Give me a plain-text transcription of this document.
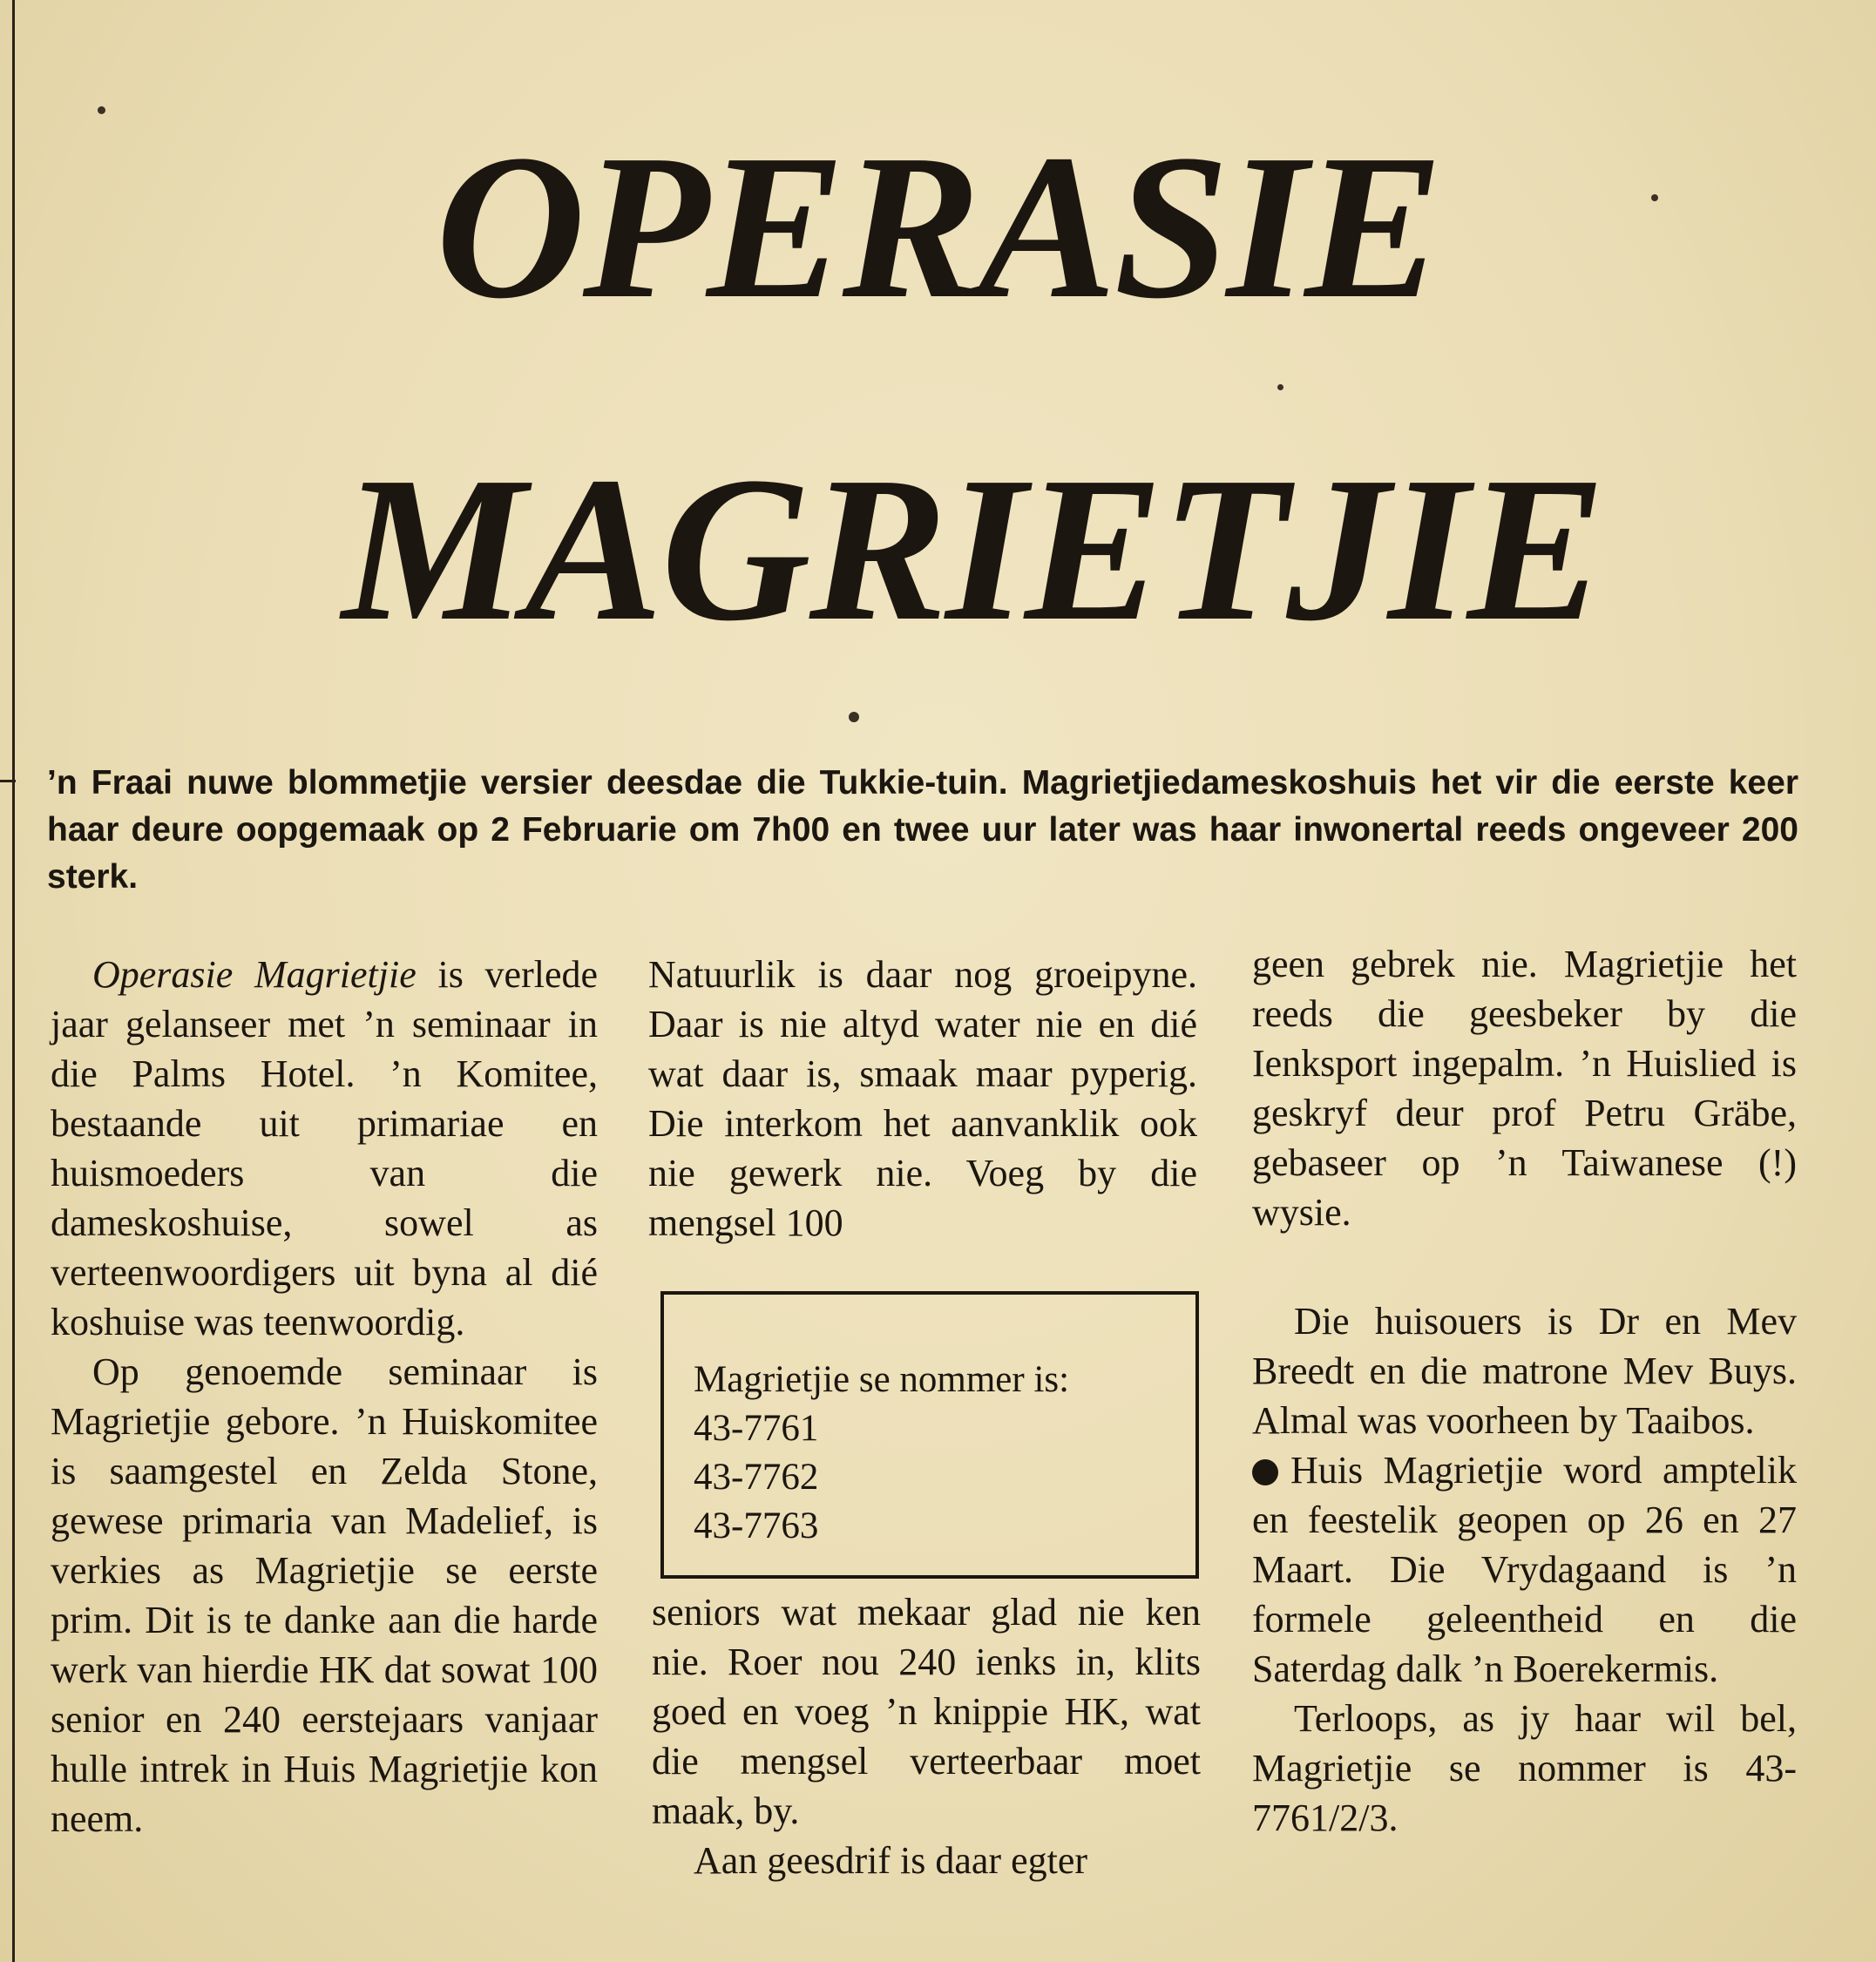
OPERASIE
MAGRIETJIE

’n Fraai nuwe blommetjie versier deesdae die Tukkie-tuin. Magrietjiedameskoshuis het vir die eerste keer haar deure oopgemaak op 2 Februarie om 7h00 en twee uur later was haar inwonertal reeds ongeveer 200 sterk.

Operasie Magrietjie is verlede jaar gelanseer met ’n seminaar in die Palms Hotel. ’n Komitee, bestaande uit primariae en huismoeders van die dameskoshuise, sowel as verteenwoordigers uit byna al dié koshuise was teenwoordig.

Op genoemde seminaar is Magrietjie gebore. ’n Huiskomitee is saamgestel en Zelda Stone, gewese primaria van Madelief, is verkies as Magrietjie se eerste prim. Dit is te danke aan die harde werk van hierdie HK dat sowat 100 senior en 240 eerstejaars vanjaar hulle intrek in Huis Magrietjie kon neem.

Natuurlik is daar nog groeipyne. Daar is nie altyd water nie en dié wat daar is, smaak maar pyperig. Die interkom het aanvanklik ook nie gewerk nie. Voeg by die mengsel 100

Magrietjie se nommer is:
43-7761
43-7762
43-7763

seniors wat mekaar glad nie ken nie. Roer nou 240 ienks in, klits goed en voeg ’n knippie HK, wat die mengsel verteerbaar moet maak, by.

Aan geesdrif is daar egter

geen gebrek nie. Magrietjie het reeds die geesbeker by die Ienksport ingepalm. ’n Huislied is geskryf deur prof Petru Gräbe, gebaseer op ’n Taiwanese (!) wysie.

Die huisouers is Dr en Mev Breedt en die matrone Mev Buys. Almal was voorheen by Taaibos.

Huis Magrietjie word amptelik en feestelik geopen op 26 en 27 Maart. Die Vrydagaand is ’n formele geleentheid en die Saterdag dalk ’n Boerekermis.

Terloops, as jy haar wil bel, Magrietjie se nommer is 43-7761/2/3.
